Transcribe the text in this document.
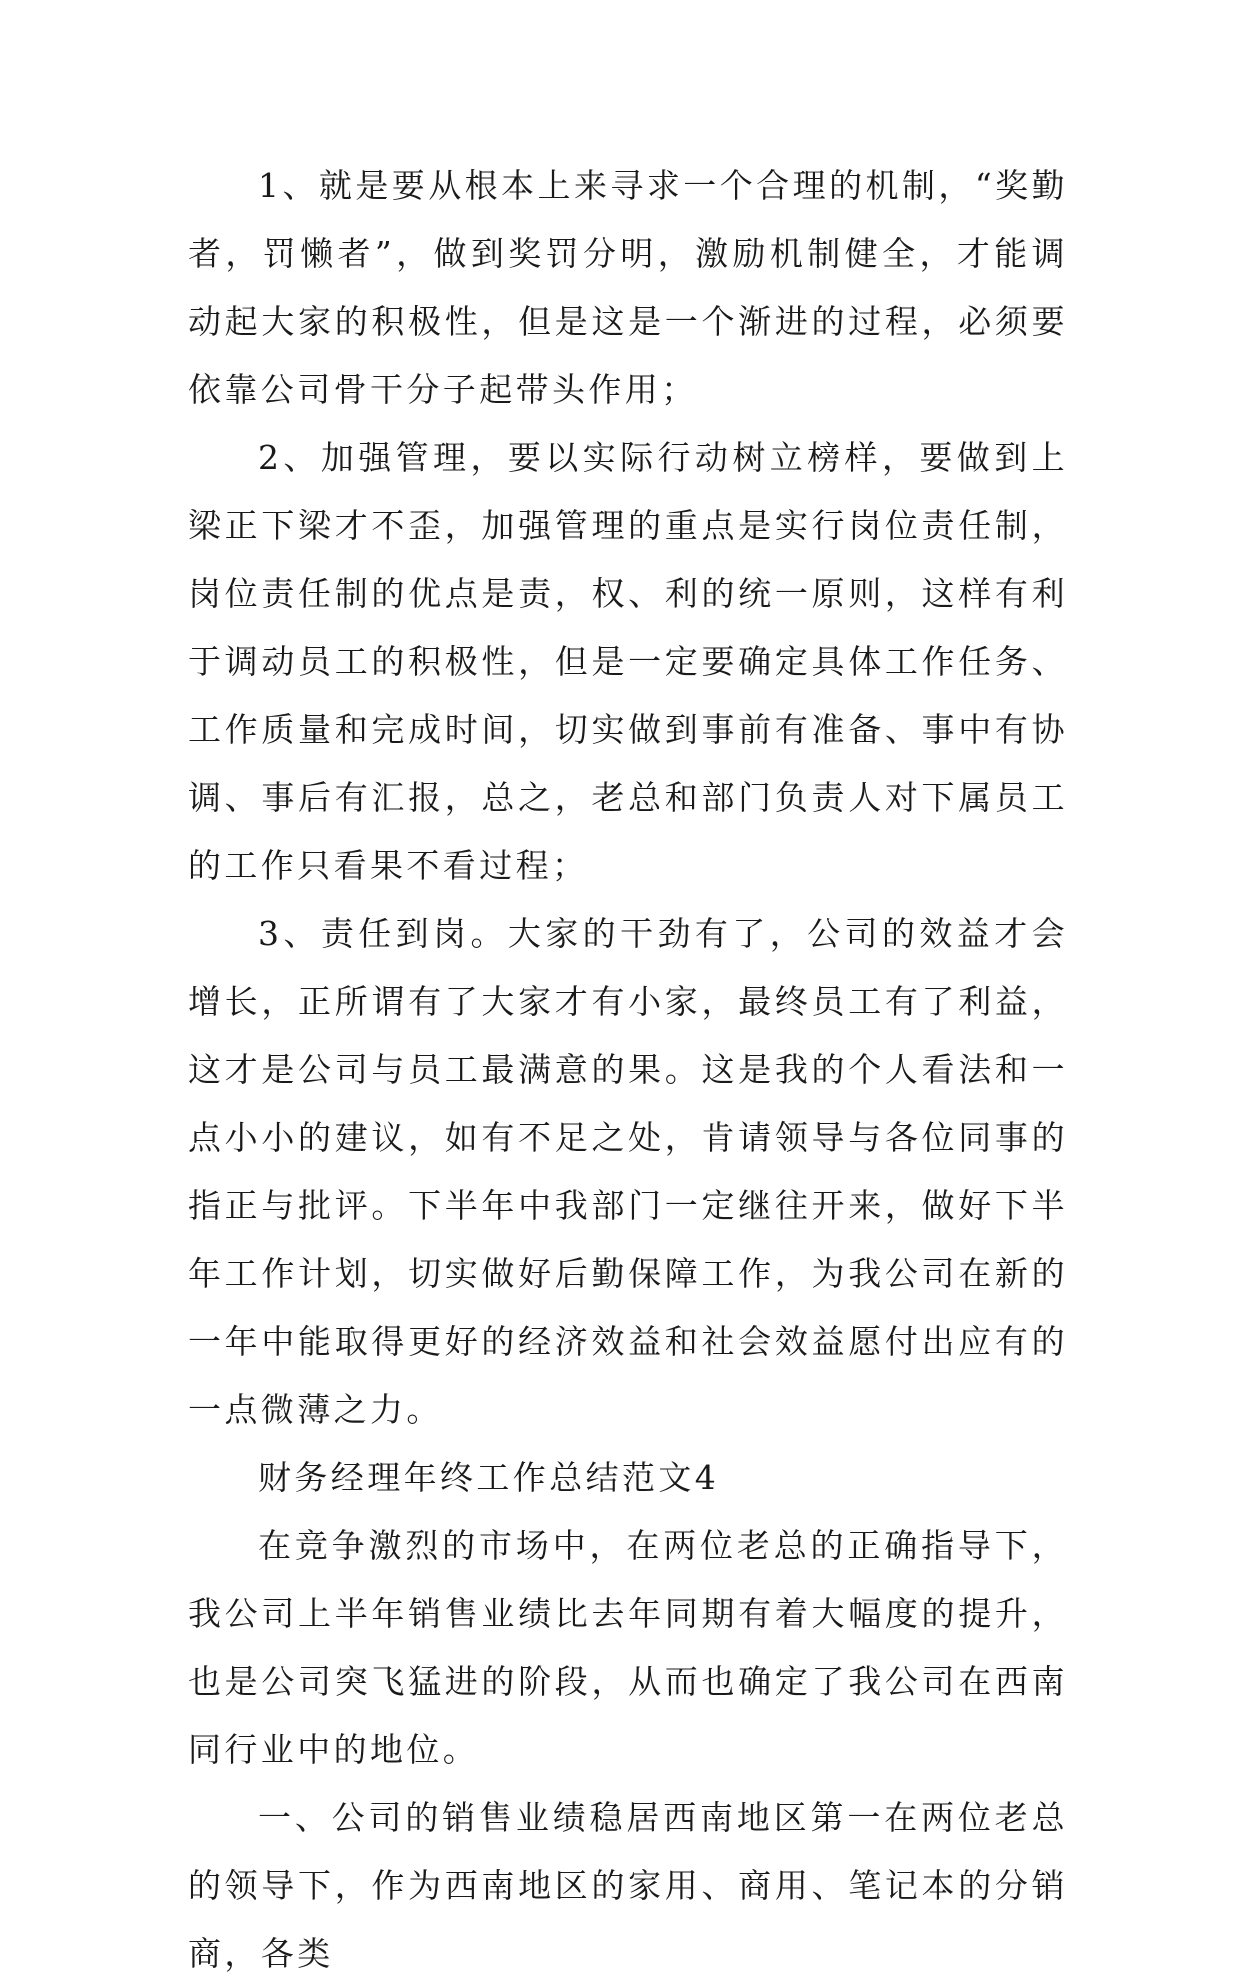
1、就是要从根本上来寻求一个合理的机制，“奖勤者，罚懒者”，做到奖罚分明，激励机制健全，才能调动起大家的积极性，但是这是一个渐进的过程，必须要依靠公司骨干分子起带头作用；

2、加强管理，要以实际行动树立榜样，要做到上梁正下梁才不歪，加强管理的重点是实行岗位责任制，岗位责任制的优点是责，权、利的统一原则，这样有利于调动员工的积极性，但是一定要确定具体工作任务、工作质量和完成时间，切实做到事前有准备、事中有协调、事后有汇报，总之，老总和部门负责人对下属员工的工作只看果不看过程；

3、责任到岗。大家的干劲有了，公司的效益才会增长，正所谓有了大家才有小家，最终员工有了利益，这才是公司与员工最满意的果。这是我的个人看法和一点小小的建议，如有不足之处，肯请领导与各位同事的指正与批评。下半年中我部门一定继往开来，做好下半年工作计划，切实做好后勤保障工作，为我公司在新的一年中能取得更好的经济效益和社会效益愿付出应有的一点微薄之力。

财务经理年终工作总结范文4

在竞争激烈的市场中，在两位老总的正确指导下，我公司上半年销售业绩比去年同期有着大幅度的提升，也是公司突飞猛进的阶段，从而也确定了我公司在西南同行业中的地位。

一、公司的销售业绩稳居西南地区第一在两位老总的领导下，作为西南地区的家用、商用、笔记本的分销商，各类
